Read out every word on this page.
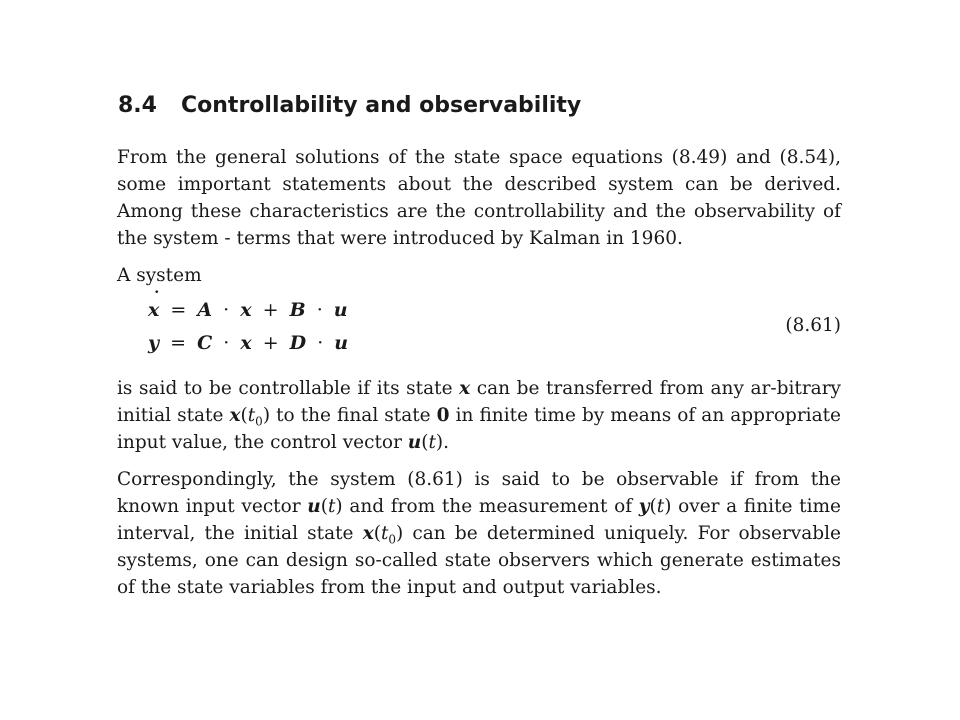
8.4 Controllability and observability

From the general solutions of the state space equations (8.49) and (8.54), some important statements about the described system can be derived. Among these characteristics are the controllability and the observability of the system - terms that were introduced by Kalman in 1960.

A system

˙ x = A · x + B · u
y = C · x + D · u
(8.61)

is said to be controllable if its state x can be transferred from any ar-bitrary initial state $x(t_0)$ to the final state 0 in finite time by means of an appropriate input value, the control vector u(t).

Correspondingly, the system (8.61) is said to be observable if from the known input vector u(t) and from the measurement of y(t) over a finite time interval, the initial state $x(t_0)$ can be determined uniquely. For observable systems, one can design so-called state observers which generate estimates of the state variables from the input and output variables.
